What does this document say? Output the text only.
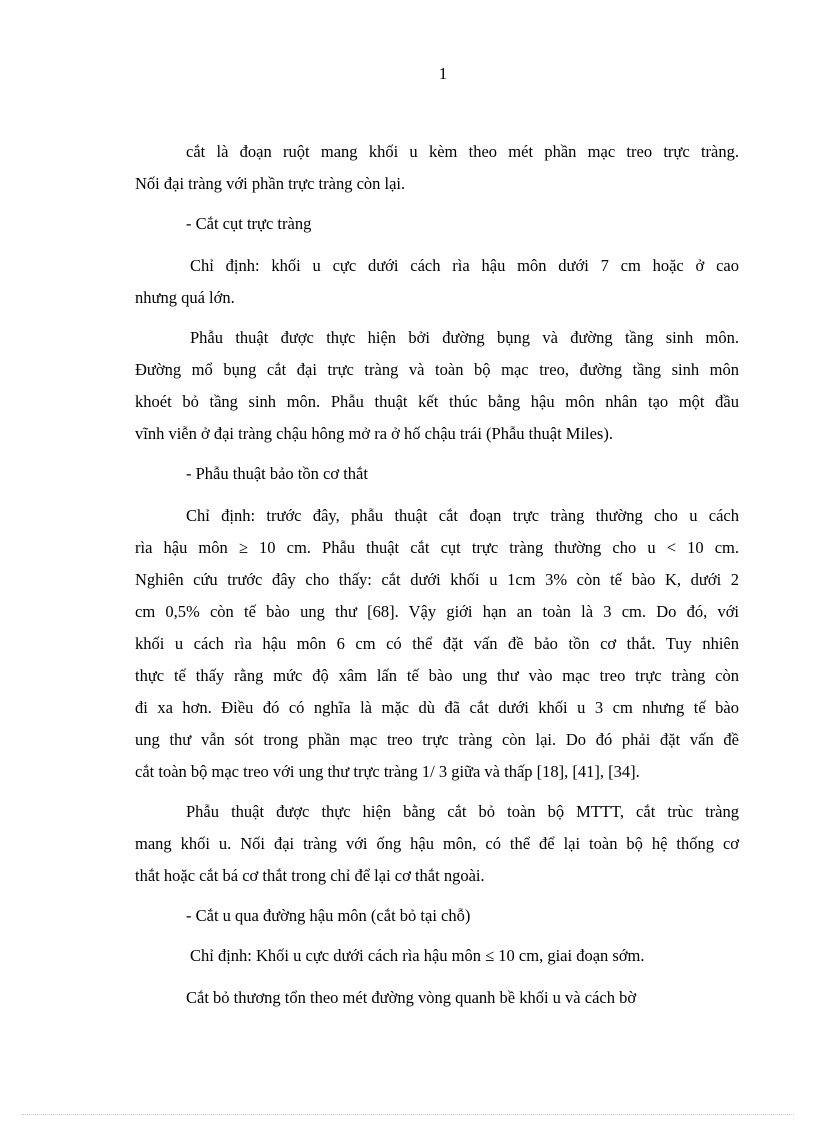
1
cắt là đoạn ruột mang khối u kèm theo mét phần mạc treo trực tràng.
Nối đại tràng với phần trực tràng còn lại.
- Cắt cụt trực tràng
Chỉ định: khối u cực dưới cách rìa hậu môn dưới 7 cm hoặc ở cao
nhưng quá lớn.
Phẫu thuật được thực hiện bởi đường bụng và đường tầng sinh môn.
Đường mổ bụng cắt đại trực tràng và toàn bộ mạc treo, đường tầng sinh môn
khoét bỏ tầng sinh môn. Phẫu thuật kết thúc bằng hậu môn nhân tạo một đầu
vĩnh viễn ở đại tràng chậu hông mở ra ở hố chậu trái (Phẫu thuật Miles).
- Phẫu thuật bảo tồn cơ thắt
Chỉ định: trước đây, phẫu thuật cắt đoạn trực tràng thường cho u cách
rìa hậu môn ≥ 10 cm. Phẫu thuật cắt cụt trực tràng thường cho u < 10 cm.
Nghiên cứu trước đây cho thấy: cắt dưới khối u 1cm 3% còn tế bào K, dưới 2
cm 0,5% còn tế bào ung thư [68]. Vậy giới hạn an toàn là 3 cm. Do đó, với
khối u cách rìa hậu môn 6 cm có thể đặt vấn đề bảo tồn cơ thắt. Tuy nhiên
thực tế thấy rằng mức độ xâm lấn tế bào ung thư vào mạc treo trực tràng còn
đi xa hơn. Điều đó có nghĩa là mặc dù đã cắt dưới khối u 3 cm nhưng tế bào
ung thư vẫn sót trong phần mạc treo trực tràng còn lại. Do đó phải đặt vấn đề
cắt toàn bộ mạc treo với ung thư trực tràng 1/ 3 giữa và thấp [18], [41], [34].
Phẫu thuật được thực hiện bằng cắt bỏ toàn bộ MTTT, cắt trùc tràng
mang khối u. Nối đại tràng với ống hậu môn, có thể để lại toàn bộ hệ thống cơ
thắt hoặc cắt bá cơ thắt trong chỉ để lại cơ thắt ngoài.
- Cắt u qua đường hậu môn (cắt bỏ tại chỗ)
Chỉ định: Khối u cực dưới cách rìa hậu môn ≤ 10 cm, giai đoạn sớm.
Cắt bỏ thương tổn theo mét đường vòng quanh bề khối u và cách bờ
